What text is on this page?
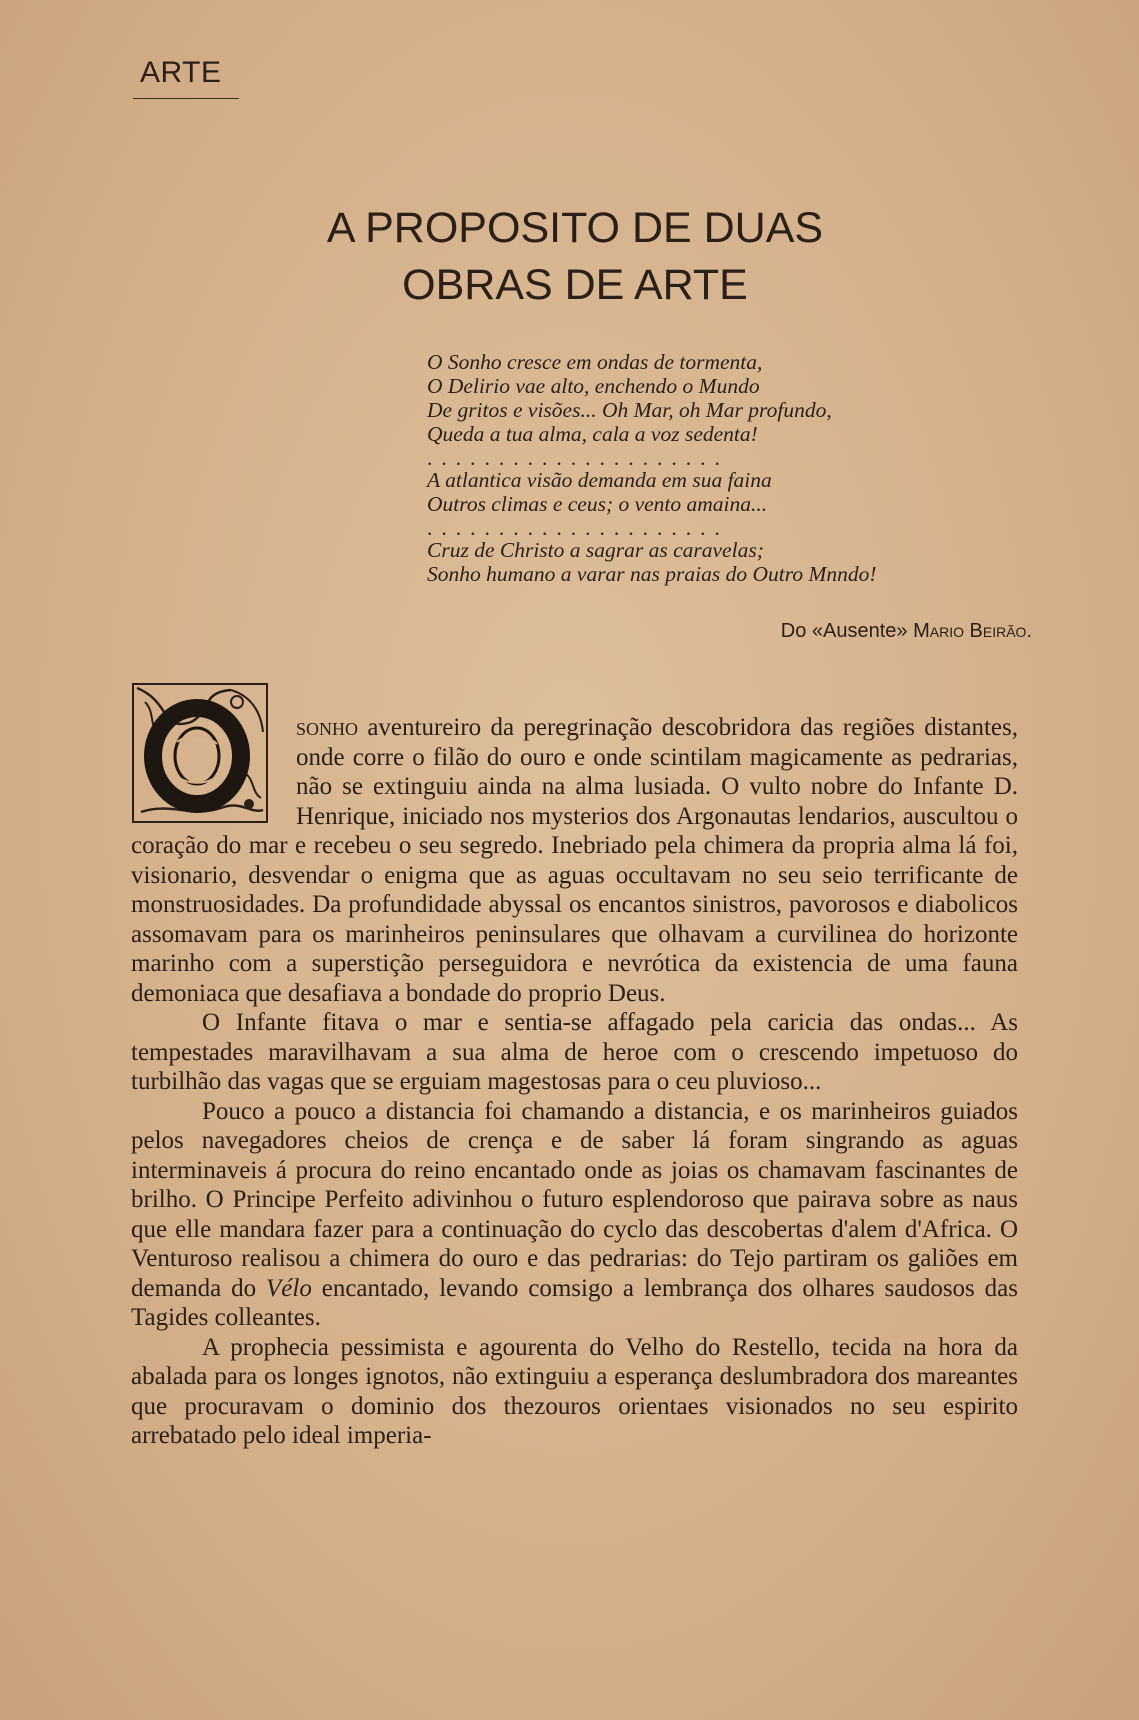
ARTE
A PROPOSITO DE DUAS
OBRAS DE ARTE
O Sonho cresce em ondas de tormenta,
O Delirio vae alto, enchendo o Mundo
De gritos e visões... Oh Mar, oh Mar profundo,
Queda a tua alma, cala a voz sedenta!
.....................
A atlantica visão demanda em sua faina
Outros climas e ceus; o vento amaina...
.....................
Cruz de Christo a sagrar as caravelas;
Sonho humano a varar nas praias do Outro Mnndo!
Do «Ausente» Mario Beirão.

sonho aventureiro da peregrinação descobridora das regiões distantes, onde corre o filão do ouro e onde scintilam magicamente as pedrarias, não se extinguiu ainda na alma lusiada. O vulto nobre do Infante D. Henrique, iniciado nos mysterios dos Argonautas lendarios, auscultou o coração do mar e recebeu o seu segredo. Inebriado pela chimera da propria alma lá foi, visionario, desvendar o enigma que as aguas occultavam no seu seio terrificante de monstruosidades. Da profundidade abyssal os encantos sinistros, pavorosos e diabolicos assomavam para os marinheiros peninsulares que olhavam a curvilinea do horizonte marinho com a superstição perseguidora e nevrótica da existencia de uma fauna demoniaca que desafiava a bondade do proprio Deus.

O Infante fitava o mar e sentia-se affagado pela caricia das ondas... As tempestades maravilhavam a sua alma de heroe com o crescendo impetuoso do turbilhão das vagas que se erguiam magestosas para o ceu pluvioso...

Pouco a pouco a distancia foi chamando a distancia, e os marinheiros guiados pelos navegadores cheios de crença e de saber lá foram singrando as aguas interminaveis á procura do reino encantado onde as joias os chamavam fascinantes de brilho. O Principe Perfeito adivinhou o futuro esplendoroso que pairava sobre as naus que elle mandara fazer para a continuação do cyclo das descobertas d'alem d'Africa. O Venturoso realisou a chimera do ouro e das pedrarias: do Tejo partiram os galiões em demanda do Vélo encantado, levando comsigo a lembrança dos olhares saudosos das Tagides colleantes.

A prophecia pessimista e agourenta do Velho do Restello, tecida na hora da abalada para os longes ignotos, não extinguiu a esperança deslumbradora dos mareantes que procuravam o dominio dos thezouros orientaes visionados no seu espirito arrebatado pelo ideal imperia-
